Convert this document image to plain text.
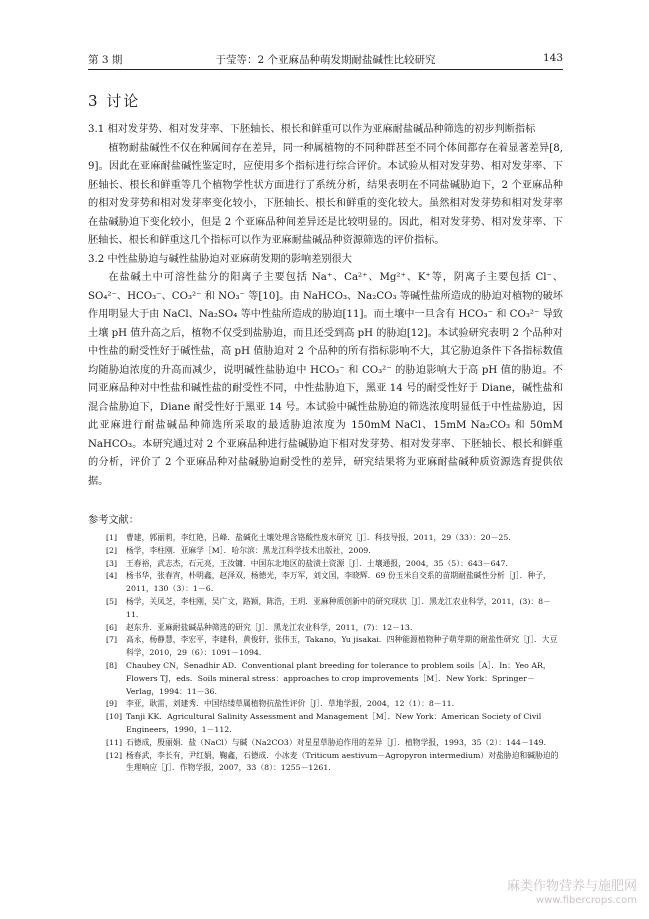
第 3 期	于莹等：2 个亚麻品种萌发期耐盐碱性比较研究	143
3 讨论

3.1 相对发芽势、相对发芽率、下胚轴长、根长和鲜重可以作为亚麻耐盐碱品种筛选的初步判断指标

植物耐盐碱性不仅在种属间存在差异，同一种属植物的不同种群甚至不同个体间都存在着显著差异[8, 9]。因此在亚麻耐盐碱性鉴定时，应使用多个指标进行综合评价。本试验从相对发芽势、相对发芽率、下胚轴长、根长和鲜重等几个植物学性状方面进行了系统分析，结果表明在不同盐碱胁迫下，2 个亚麻品种的相对发芽势和相对发芽率变化较小，下胚轴长、根长和鲜重的变化较大。虽然相对发芽势和相对发芽率在盐碱胁迫下变化较小，但是 2 个亚麻品种间差异还是比较明显的。因此，相对发芽势、相对发芽率、下胚轴长、根长和鲜重这几个指标可以作为亚麻耐盐碱品种资源筛选的评价指标。

3.2 中性盐胁迫与碱性盐胁迫对亚麻萌发期的影响差别很大

在盐碱土中可溶性盐分的阳离子主要包括 Na⁺、Ca²⁺、Mg²⁺、K⁺等，阴离子主要包括 Cl⁻、SO₄²⁻、HCO₃⁻、CO₃²⁻ 和 NO₃⁻ 等[10]。由 NaHCO₃、Na₂CO₃ 等碱性盐所造成的胁迫对植物的破坏作用明显大于由 NaCl、Na₂SO₄ 等中性盐所造成的胁迫[11]。而土壤中一旦含有 HCO₃⁻ 和 CO₃²⁻ 导致土壤 pH 值升高之后，植物不仅受到盐胁迫，而且还受到高 pH 的胁迫[12]。本试验研究表明 2 个品种对中性盐的耐受性好于碱性盐，高 pH 值胁迫对 2 个品种的所有指标影响不大，其它胁迫条件下各指标数值均随胁迫浓度的升高而减少，说明碱性盐胁迫中 HCO₃⁻ 和 CO₃²⁻ 的胁迫影响大于高 pH 值的胁迫。不同亚麻品种对中性盐和碱性盐的耐受性不同，中性盐胁迫下，黑亚 14 号的耐受性好于 Diane，碱性盐和混合盐胁迫下，Diane 耐受性好于黑亚 14 号。本试验中碱性盐胁迫的筛选浓度明显低于中性盐胁迫，因此亚麻进行耐盐碱品种筛选所采取的最适胁迫浓度为 150mM NaCl、15mM Na₂CO₃ 和 50mM NaHCO₃。本研究通过对 2 个亚麻品种进行盐碱胁迫下相对发芽势、相对发芽率、下胚轴长、根长和鲜重的分析，评价了 2 个亚麻品种对盐碱胁迫耐受性的差异，研究结果将为亚麻耐盐碱种质资源选育提供依据。

参考文献：
[1] 曹建，郭丽莉，李红艳，吕峰．盐碱化土壤处理含铬酸性废水研究［J］．科技导报，2011，29（33）：20－25.
[2] 杨学，李柱刚．亚麻学［M］．哈尔滨：黑龙江科学技术出版社，2009.
[3] 王春裕，武志杰，石元亮，王汝镛．中国东北地区的盐渍土资源［J］．土壤通报，2004，35（5）：643－647.
[4] 杨书华，张春宵，朴明鑫，赵泽双，杨德光，李万军，刘文国，李晓辉．69 份玉米自交系的苗期耐盐碱性分析［J］．种子，2011，130（3）：1－6.
[5] 杨学，关凤芝，李柱刚，吴广文，路颖，陈浩，王玥．亚麻种质创新中的研究现状［J］．黑龙江农业科学，2011，(3)：8－11.
[6] 赵东升．亚麻耐盐碱品种筛选的研究［J］．黑龙江农业科学，2011，(7)：12－13.
[7] 高永，杨静慧，李宏平，李建科，黄俊轩，张伟玉，Takano，Yu jisakai．四种能源植物种子萌芽期的耐盐性研究［J］．大豆科学，2010，29（6）：1091－1094.
[8] Chaubey CN，Senadhir AD．Conventional plant breeding for tolerance to problem soils［A］．In：Yeo AR，Flowers TJ，eds．Soils mineral stress：approaches to crop improvements［M］．New York：Springer－Verlag，1994：11－36.
[9] 李亚，耿雷，刘建秀．中国结缕草属植物抗盐性评价［J］．草地学报，2004，12（1）：8－11.
[10] Tanji KK．Agricultural Salinity Assessment and Management［M］．New York：American Society of Civil Engineers，1990，1－112.
[11] 石德成，殷丽娟．盐（NaCl）与碱（Na2CO3）对星星草胁迫作用的差异［J］．植物学报，1993，35（2）：144－149.
[12] 杨春武，李长有，尹红娟，鞠鑫，石德成．小冰麦（Triticum aestivum－Agropyron intermedium）对盐胁迫和碱胁迫的生理响应［J］．作物学报，2007，33（8）：1255－1261.
麻类作物营养与施肥网
www.fibercrops.com
